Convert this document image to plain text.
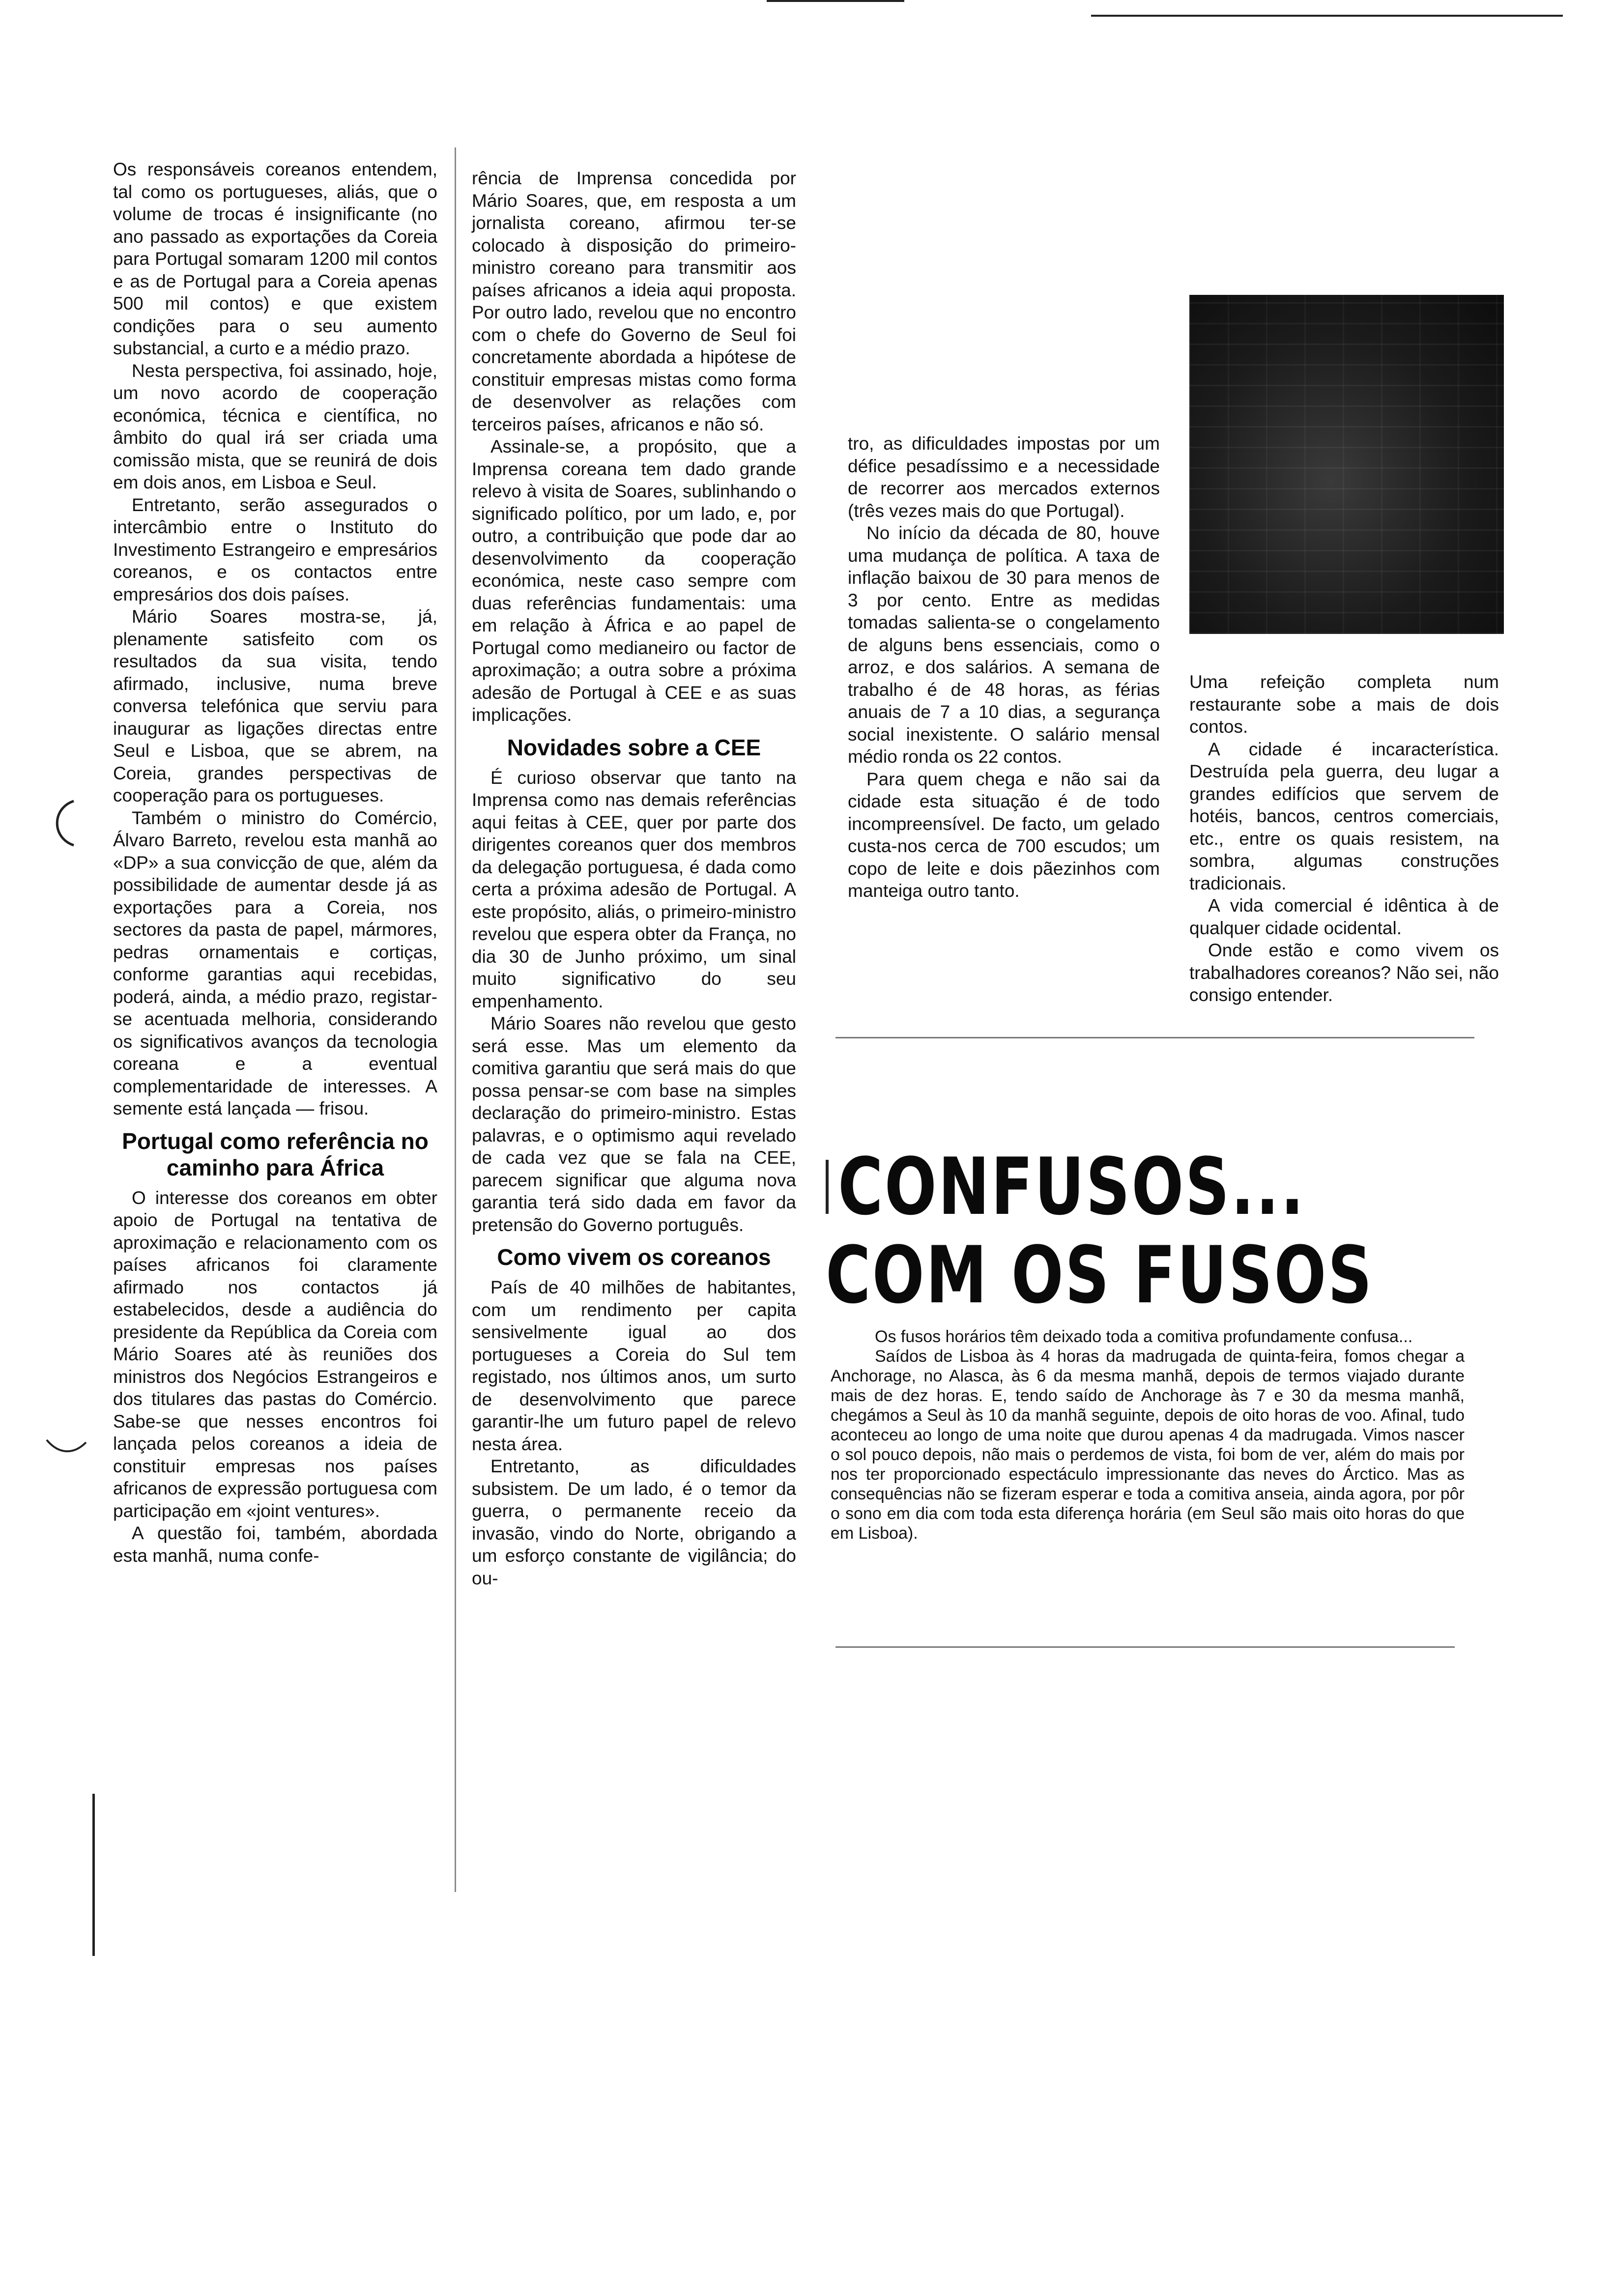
Os responsáveis coreanos entendem, tal como os portugueses, aliás, que o volume de trocas é insignificante (no ano passado as exportações da Coreia para Portugal somaram 1200 mil contos e as de Portugal para a Coreia apenas 500 mil contos) e que existem condições para o seu aumento substancial, a curto e a médio prazo.

Nesta perspectiva, foi assinado, hoje, um novo acordo de cooperação económica, técnica e científica, no âmbito do qual irá ser criada uma comissão mista, que se reunirá de dois em dois anos, em Lisboa e Seul.

Entretanto, serão assegurados o intercâmbio entre o Instituto do Investimento Estrangeiro e empresários coreanos, e os contactos entre empresários dos dois países.

Mário Soares mostra-se, já, plenamente satisfeito com os resultados da sua visita, tendo afirmado, inclusive, numa breve conversa telefónica que serviu para inaugurar as ligações directas entre Seul e Lisboa, que se abrem, na Coreia, grandes perspectivas de cooperação para os portugueses.

Também o ministro do Comércio, Álvaro Barreto, revelou esta manhã ao «DP» a sua convicção de que, além da possibilidade de aumentar desde já as exportações para a Coreia, nos sectores da pasta de papel, mármores, pedras ornamentais e cortiças, conforme garantias aqui recebidas, poderá, ainda, a médio prazo, registar-se acentuada melhoria, considerando os significativos avanços da tecnologia coreana e a eventual complementaridade de interesses. A semente está lançada — frisou.

Portugal como referência no caminho para África

O interesse dos coreanos em obter apoio de Portugal na tentativa de aproximação e relacionamento com os países africanos foi claramente afirmado nos contactos já estabelecidos, desde a audiência do presidente da República da Coreia com Mário Soares até às reuniões dos ministros dos Negócios Estrangeiros e dos titulares das pastas do Comércio. Sabe-se que nesses encontros foi lançada pelos coreanos a ideia de constituir empresas nos países africanos de expressão portuguesa com participação em «joint ventures».

A questão foi, também, abordada esta manhã, numa confe-

rência de Imprensa concedida por Mário Soares, que, em resposta a um jornalista coreano, afirmou ter-se colocado à disposição do primeiro-ministro coreano para transmitir aos países africanos a ideia aqui proposta. Por outro lado, revelou que no encontro com o chefe do Governo de Seul foi concretamente abordada a hipótese de constituir empresas mistas como forma de desenvolver as relações com terceiros países, africanos e não só.

Assinale-se, a propósito, que a Imprensa coreana tem dado grande relevo à visita de Soares, sublinhando o significado político, por um lado, e, por outro, a contribuição que pode dar ao desenvolvimento da cooperação económica, neste caso sempre com duas referências fundamentais: uma em relação à África e ao papel de Portugal como medianeiro ou factor de aproximação; a outra sobre a próxima adesão de Portugal à CEE e as suas implicações.

Novidades sobre a CEE

É curioso observar que tanto na Imprensa como nas demais referências aqui feitas à CEE, quer por parte dos dirigentes coreanos quer dos membros da delegação portuguesa, é dada como certa a próxima adesão de Portugal. A este propósito, aliás, o primeiro-ministro revelou que espera obter da França, no dia 30 de Junho próximo, um sinal muito significativo do seu empenhamento.

Mário Soares não revelou que gesto será esse. Mas um elemento da comitiva garantiu que será mais do que possa pensar-se com base na simples declaração do primeiro-ministro. Estas palavras, e o optimismo aqui revelado de cada vez que se fala na CEE, parecem significar que alguma nova garantia terá sido dada em favor da pretensão do Governo português.

Como vivem os coreanos

País de 40 milhões de habitantes, com um rendimento per capita sensivelmente igual ao dos portugueses a Coreia do Sul tem registado, nos últimos anos, um surto de desenvolvimento que parece garantir-lhe um futuro papel de relevo nesta área.

Entretanto, as dificuldades subsistem. De um lado, é o temor da guerra, o permanente receio da invasão, vindo do Norte, obrigando a um esforço constante de vigilância; do ou-

tro, as dificuldades impostas por um défice pesadíssimo e a necessidade de recorrer aos mercados externos (três vezes mais do que Portugal).

No início da década de 80, houve uma mudança de política. A taxa de inflação baixou de 30 para menos de 3 por cento. Entre as medidas tomadas salienta-se o congelamento de alguns bens essenciais, como o arroz, e dos salários. A semana de trabalho é de 48 horas, as férias anuais de 7 a 10 dias, a segurança social inexistente. O salário mensal médio ronda os 22 contos.

Para quem chega e não sai da cidade esta situação é de todo incompreensível. De facto, um gelado custa-nos cerca de 700 escudos; um copo de leite e dois pãezinhos com manteiga outro tanto.

Uma refeição completa num restaurante sobe a mais de dois contos.

A cidade é incaracterística. Destruída pela guerra, deu lugar a grandes edifícios que servem de hotéis, bancos, centros comerciais, etc., entre os quais resistem, na sombra, algumas construções tradicionais.

A vida comercial é idêntica à de qualquer cidade ocidental.

Onde estão e como vivem os trabalhadores coreanos? Não sei, não consigo entender.

CONFUSOS...
COM OS FUSOS

Os fusos horários têm deixado toda a comitiva profundamente confusa...

Saídos de Lisboa às 4 horas da madrugada de quinta-feira, fomos chegar a Anchorage, no Alasca, às 6 da mesma manhã, depois de termos viajado durante mais de dez horas. E, tendo saído de Anchorage às 7 e 30 da mesma manhã, chegámos a Seul às 10 da manhã seguinte, depois de oito horas de voo. Afinal, tudo aconteceu ao longo de uma noite que durou apenas 4 da madrugada. Vimos nascer o sol pouco depois, não mais o perdemos de vista, foi bom de ver, além do mais por nos ter proporcionado espectáculo impressionante das neves do Árctico. Mas as consequências não se fizeram esperar e toda a comitiva anseia, ainda agora, por pôr o sono em dia com toda esta diferença horária (em Seul são mais oito horas do que em Lisboa).
